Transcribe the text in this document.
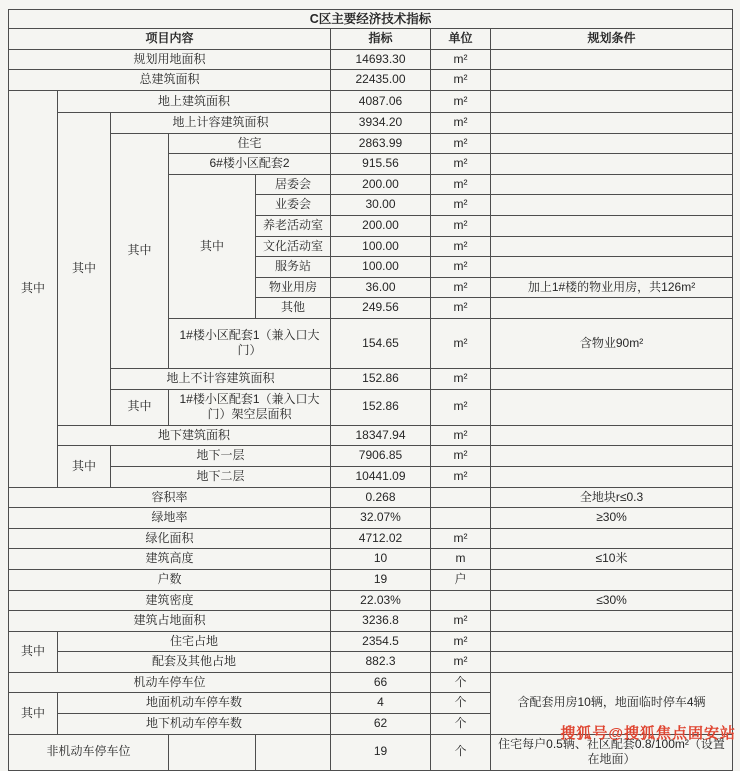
C区主要经济技术指标							
项目内容					指标	单位	规划条件
规划用地面积					14693.30	m²	
总建筑面积					22435.00	m²	
其中	地上建筑面积				4087.06	m²	
	其中	地上计容建筑面积			3934.20	m²	
		其中	住宅		2863.99	m²	
			6#楼小区配套2		915.56	m²	
			其中	居委会	200.00	m²	
				业委会	30.00	m²	
				养老活动室	200.00	m²	
				文化活动室	100.00	m²	
				服务站	100.00	m²	
				物业用房	36.00	m²	加上1#楼的物业用房，共126m²
				其他	249.56	m²	
			1#楼小区配套1（兼入口大门）		154.65	m²	含物业90m²
		地上不计容建筑面积			152.86	m²	
		其中	1#楼小区配套1（兼入口大门）架空层面积		152.86	m²	
	地下建筑面积				18347.94	m²	
	其中	地下一层			7906.85	m²	
		地下二层			10441.09	m²	
容积率					0.268		全地块r≤0.3
绿地率					32.07%		≥30%
绿化面积					4712.02	m²	
建筑高度					10	m	≤10米
户数					19	户	
建筑密度					22.03%		≤30%
建筑占地面积					3236.8	m²	
其中	住宅占地				2354.5	m²	
	配套及其他占地				882.3	m²	
机动车停车位					66	个	含配套用房10辆，地面临时停车4辆
其中	地面机动车停车数				4	个	
	地下机动车停车数				62	个	
非机动车停车位					19	个	住宅每户0.5辆、社区配套0.8/100m²（设置在地面）
搜狐号@搜狐焦点固安站
